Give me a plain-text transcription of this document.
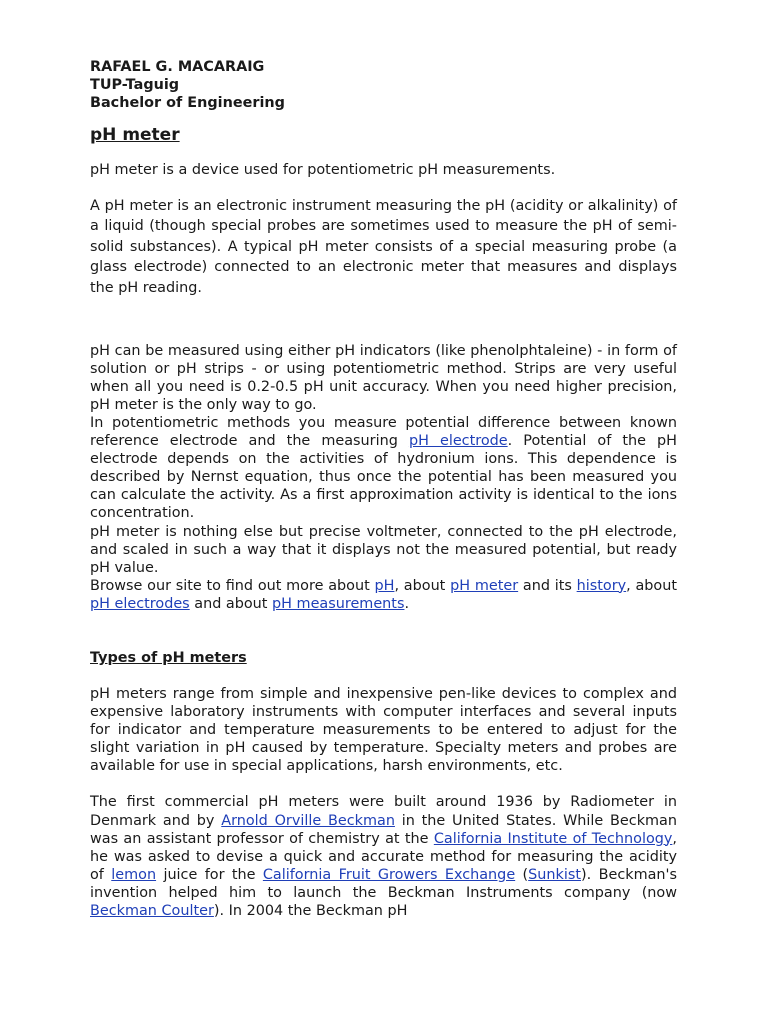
RAFAEL G. MACARAIG
TUP-Taguig
Bachelor of Engineering
pH meter

pH meter is a device used for potentiometric pH measurements.

A pH meter is an electronic instrument measuring the pH (acidity or alkalinity) of a liquid (though special probes are sometimes used to measure the pH of semi-solid substances). A typical pH meter consists of a special measuring probe (a glass electrode) connected to an electronic meter that measures and displays the pH reading.

pH can be measured using either pH indicators (like phenolphtaleine) - in form of solution or pH strips - or using potentiometric method. Strips are very useful when all you need is 0.2-0.5 pH unit accuracy. When you need higher precision, pH meter is the only way to go.

In potentiometric methods you measure potential difference between known reference electrode and the measuring pH electrode. Potential of the pH electrode depends on the activities of hydronium ions. This dependence is described by Nernst equation, thus once the potential has been measured you can calculate the activity. As a first approximation activity is identical to the ions concentration.

pH meter is nothing else but precise voltmeter, connected to the pH electrode, and scaled in such a way that it displays not the measured potential, but ready pH value.

Browse our site to find out more about pH, about pH meter and its history, about pH electrodes and about pH measurements.

Types of pH meters

pH meters range from simple and inexpensive pen-like devices to complex and expensive laboratory instruments with computer interfaces and several inputs for indicator and temperature measurements to be entered to adjust for the slight variation in pH caused by temperature. Specialty meters and probes are available for use in special applications, harsh environments, etc.

The first commercial pH meters were built around 1936 by Radiometer in Denmark and by Arnold Orville Beckman in the United States. While Beckman was an assistant professor of chemistry at the California Institute of Technology, he was asked to devise a quick and accurate method for measuring the acidity of lemon juice for the California Fruit Growers Exchange (Sunkist). Beckman's invention helped him to launch the Beckman Instruments company (now Beckman Coulter). In 2004 the Beckman pH
